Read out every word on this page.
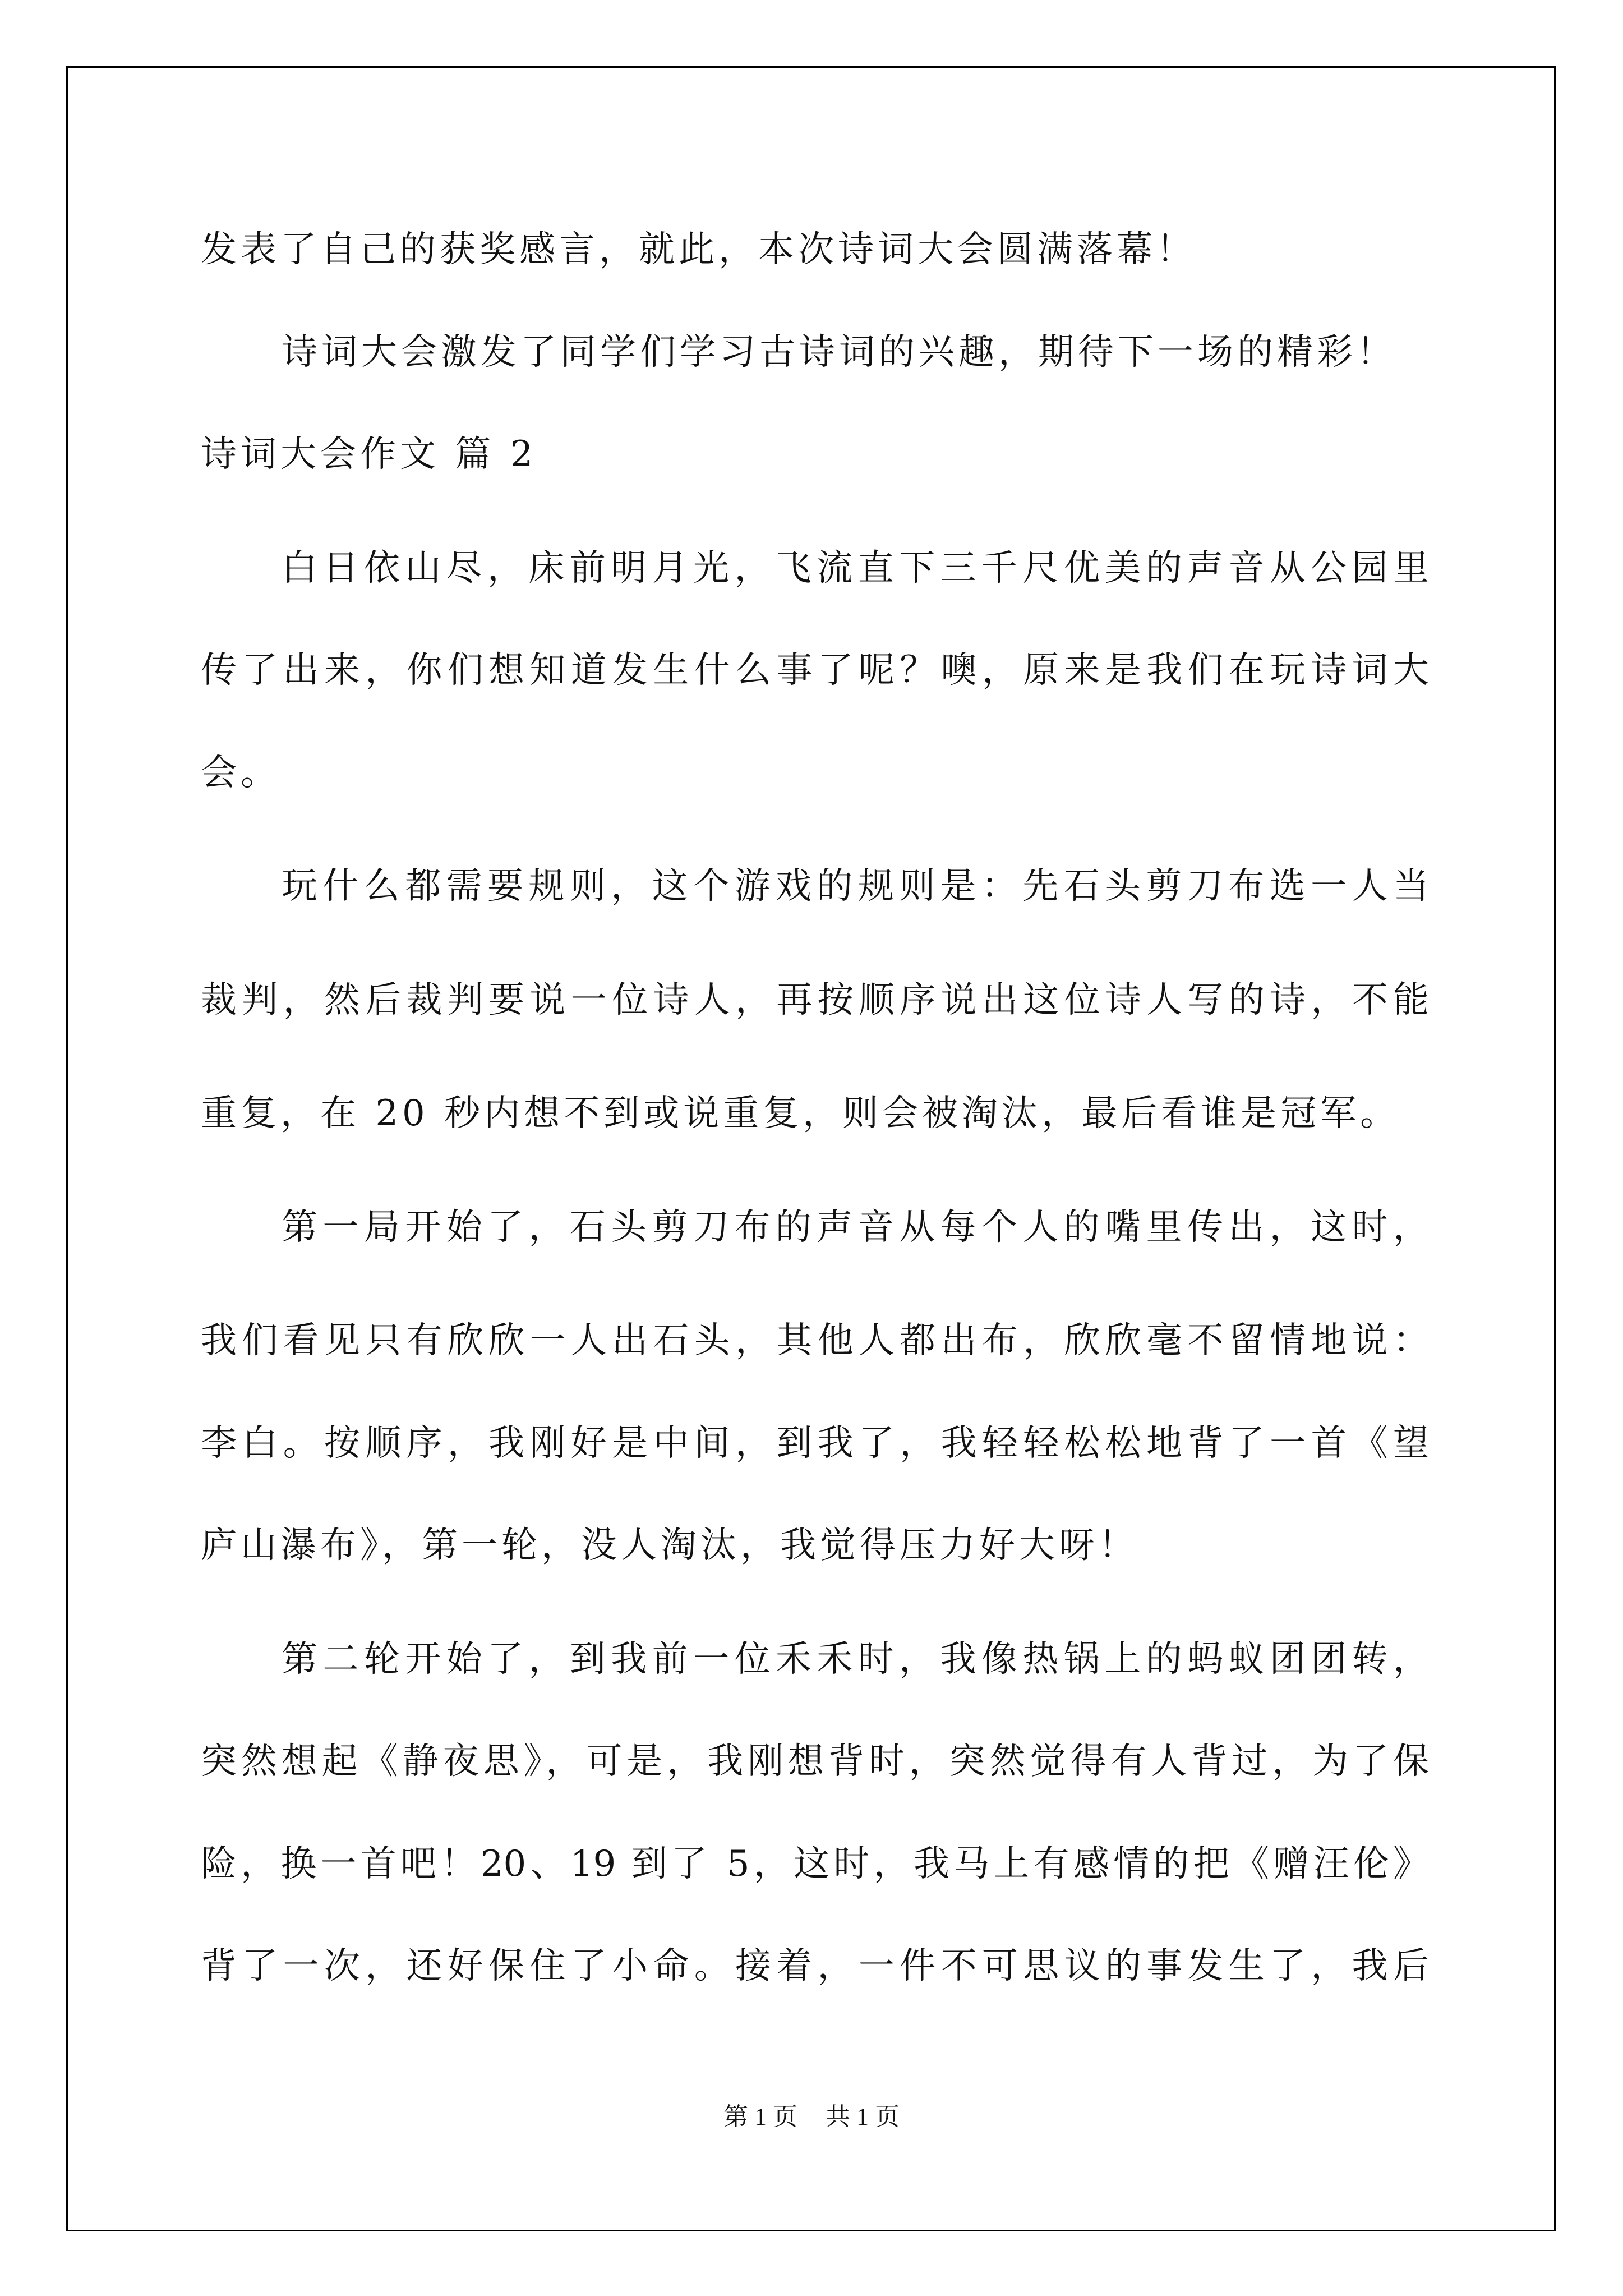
发表了自己的获奖感言，就此，本次诗词大会圆满落幕！

诗词大会激发了同学们学习古诗词的兴趣，期待下一场的精彩！

诗词大会作文 篇 2

白日依山尽，床前明月光，飞流直下三千尺优美的声音从公园里

传了出来，你们想知道发生什么事了呢？噢，原来是我们在玩诗词大

会。

玩什么都需要规则，这个游戏的规则是：先石头剪刀布选一人当

裁判，然后裁判要说一位诗人，再按顺序说出这位诗人写的诗，不能

重复，在 20 秒内想不到或说重复，则会被淘汰，最后看谁是冠军。

第一局开始了，石头剪刀布的声音从每个人的嘴里传出，这时，

我们看见只有欣欣一人出石头，其他人都出布，欣欣毫不留情地说：

李白。按顺序，我刚好是中间，到我了，我轻轻松松地背了一首《望

庐山瀑布》，第一轮，没人淘汰，我觉得压力好大呀！

第二轮开始了，到我前一位禾禾时，我像热锅上的蚂蚁团团转，

突然想起《静夜思》，可是，我刚想背时，突然觉得有人背过，为了保

险，换一首吧！20、19 到了 5，这时，我马上有感情的把《赠汪伦》

背了一次，还好保住了小命。接着，一件不可思议的事发生了，我后

第 1 页 共 1 页
